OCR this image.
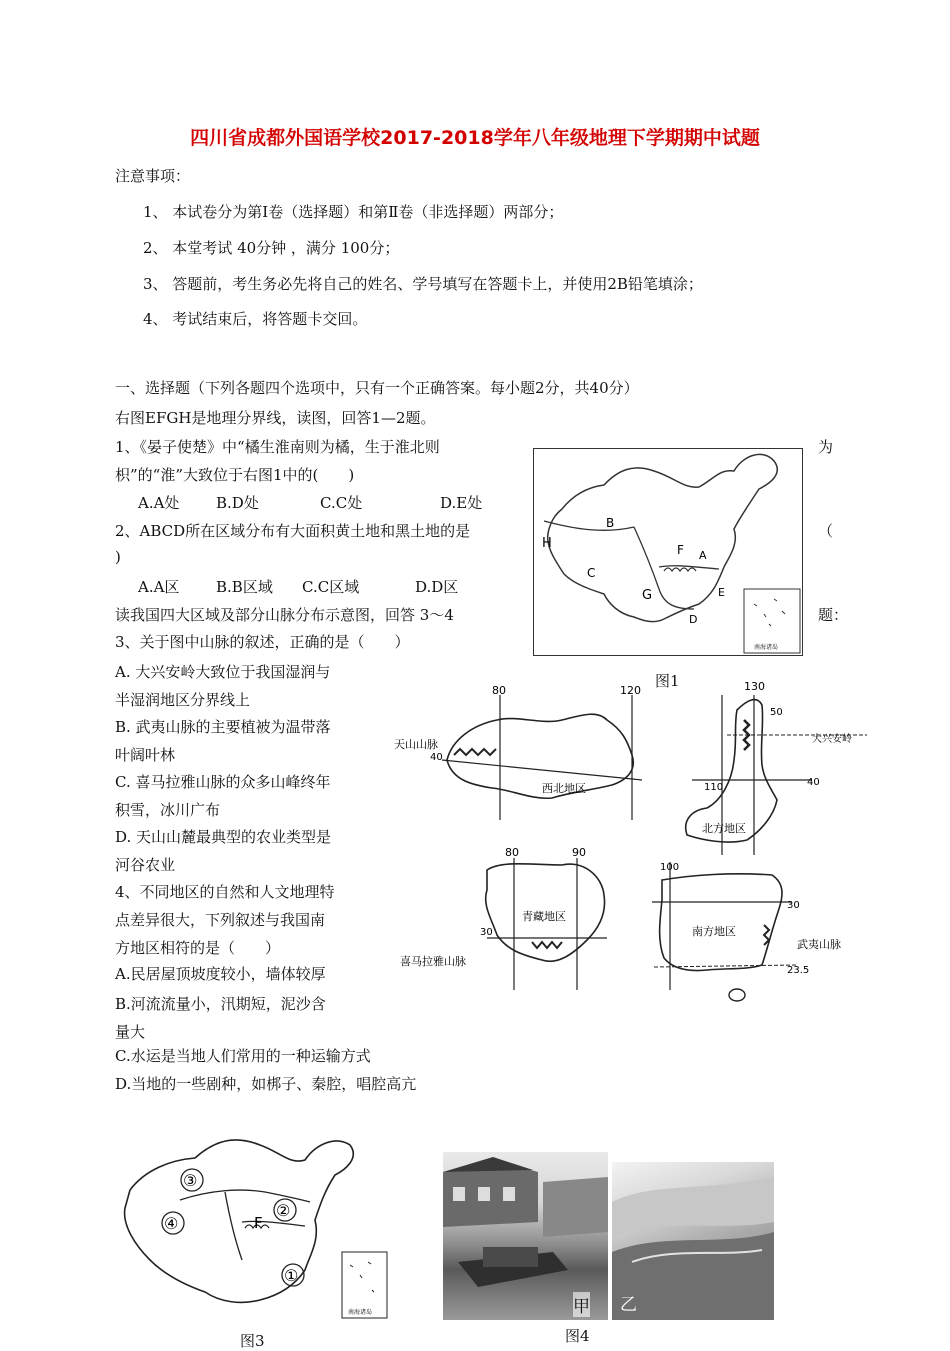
四川省成都外国语学校2017-2018学年八年级地理下学期期中试题
注意事项：
1、 本试卷分为第Ⅰ卷（选择题）和第Ⅱ卷（非选择题）两部分；
2、 本堂考试 40分钟 ，满分 100分；
3、 答题前，考生务必先将自己的姓名、学号填写在答题卡上，并使用2B铅笔填涂；
4、 考试结束后，将答题卡交回。
一、选择题（下列各题四个选项中，只有一个正确答案。每小题2分，共40分）
右图EFGH是地理分界线，读图，回答1—2题。
1、《晏子使楚》中“橘生淮南则为橘，生于淮北则	为
枳”的“淮”大致位于右图1中的(　　)
A.A处 B.D处	C.C处	D.E处
2、ABCD所在区域分布有大面积黄土地和黑土地的是	（
)
A.A区 B.B区域 C.C区域	D.D区
读我国四大区域及部分山脉分布示意图，回答 3～4	题：
3、关于图中山脉的叙述，正确的是（　　）
A. 大兴安岭大致位于我国湿润与
半湿润地区分界线上
B. 武夷山脉的主要植被为温带落
叶阔叶林
C. 喜马拉雅山脉的众多山峰终年
积雪，冰川广布
D. 天山山麓最典型的农业类型是
河谷农业
4、不同地区的自然和人文地理特
点差异很大，下列叙述与我国南
方地区相符的是（　　）
A.民居屋顶坡度较小，墙体较厚
B.河流流量小，汛期短，泥沙含
量大
C.水运是当地人们常用的一种运输方式
D.当地的一些剧种，如梆子、秦腔，唱腔高亢
南海诸岛
H
B
F A
C
G	E
D
图1
80	120
40
天山山脉
西北地区
130
110
50
40
大兴安岭
北方地区
80	90
30
喜马拉雅山脉
青藏地区
100
30
23.5
武夷山脉
南方地区
③
④
②
F
①
南海诸岛
图3
甲 乙
图4
